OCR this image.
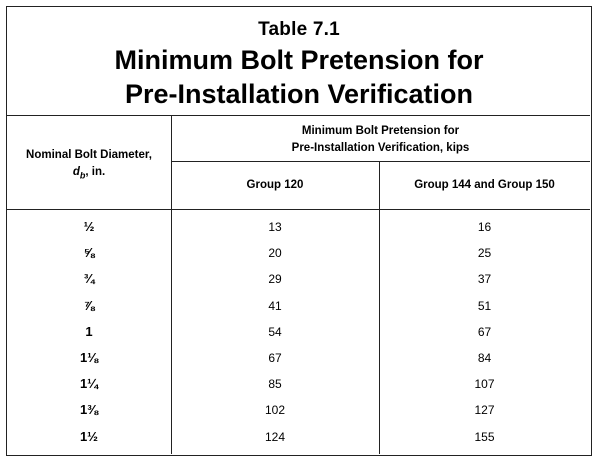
Table 7.1
Minimum Bolt Pretension for
Pre-Installation Verification
Nominal Bolt Diameter,
$d_b$, in.
Minimum Bolt Pretension for
Pre-Installation Verification, kips
Group 120	Group 144 and Group 150
½	13	16
⅝	20	25
¾	29	37
⅞	41	51
1	54	67
1⅛	67	84
1¼	85	107
1⅜	102	127
1½	124	155
